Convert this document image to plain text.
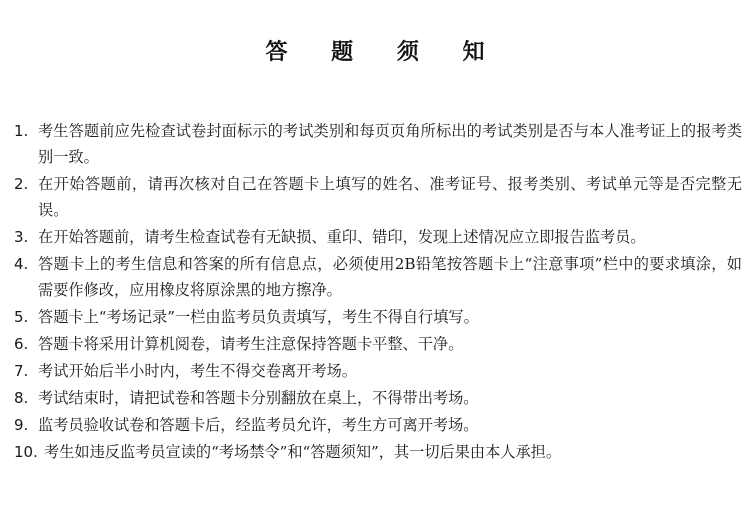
答 题 须 知
1. 考生答题前应先检查试卷封面标示的考试类别和每页页角所标出的考试类别是否与本人准考证上的报考类别一致。
2. 在开始答题前，请再次核对自己在答题卡上填写的姓名、准考证号、报考类别、考试单元等是否完整无误。
3. 在开始答题前，请考生检查试卷有无缺损、重印、错印，发现上述情况应立即报告监考员。
4. 答题卡上的考生信息和答案的所有信息点，必须使用2B铅笔按答题卡上“注意事项”栏中的要求填涂，如需要作修改，应用橡皮将原涂黑的地方擦净。
5. 答题卡上“考场记录”一栏由监考员负责填写，考生不得自行填写。
6. 答题卡将采用计算机阅卷，请考生注意保持答题卡平整、干净。
7. 考试开始后半小时内，考生不得交卷离开考场。
8. 考试结束时，请把试卷和答题卡分别翻放在桌上，不得带出考场。
9. 监考员验收试卷和答题卡后，经监考员允许，考生方可离开考场。
10. 考生如违反监考员宣读的“考场禁令”和“答题须知”，其一切后果由本人承担。
